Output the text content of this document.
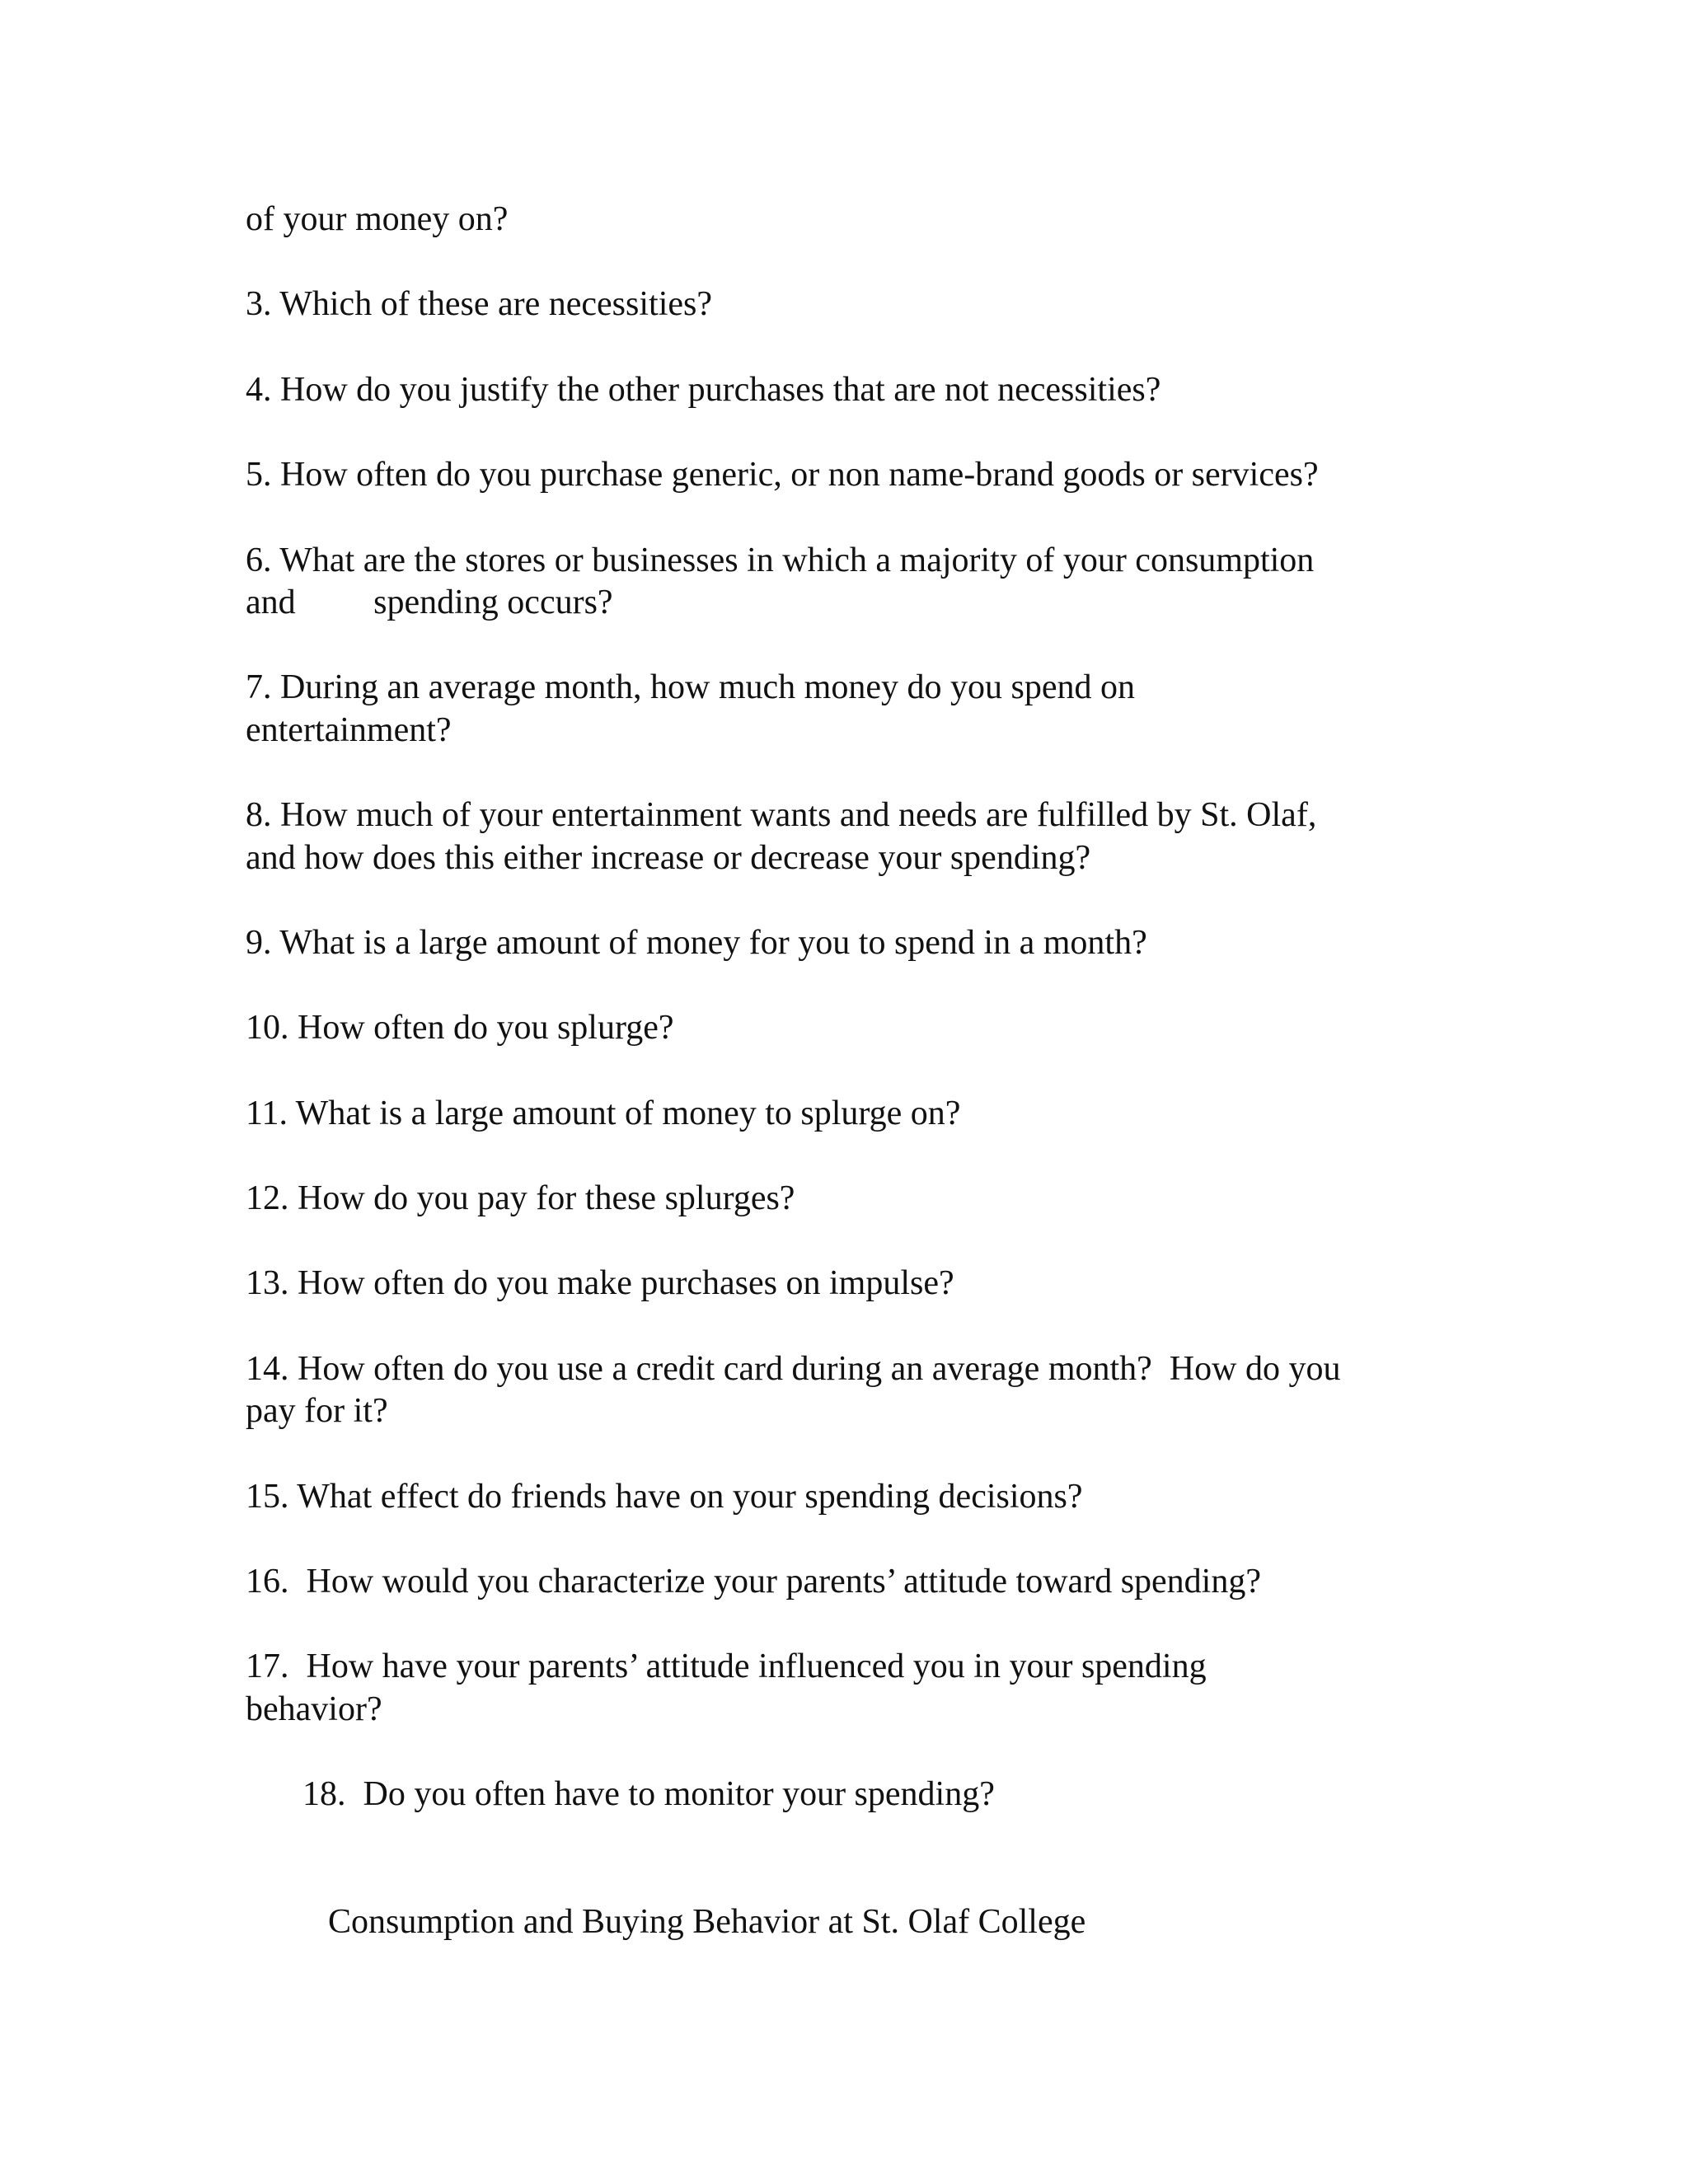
of your money on?

3. Which of these are necessities?

4. How do you justify the other purchases that are not necessities?

5. How often do you purchase generic, or non name-brand goods or services?

6. What are the stores or businesses in which a majority of your consumption

and         spending occurs?

7. During an average month, how much money do you spend on

entertainment?

8. How much of your entertainment wants and needs are fulfilled by St. Olaf,

and how does this either increase or decrease your spending?

9. What is a large amount of money for you to spend in a month?

10. How often do you splurge?

11. What is a large amount of money to splurge on?

12. How do you pay for these splurges?

13. How often do you make purchases on impulse?

14. How often do you use a credit card during an average month?  How do you

pay for it?

15. What effect do friends have on your spending decisions?

16.  How would you characterize your parents’ attitude toward spending?

17.  How have your parents’ attitude influenced you in your spending

behavior?

18.  Do you often have to monitor your spending?

Consumption and Buying Behavior at St. Olaf College
